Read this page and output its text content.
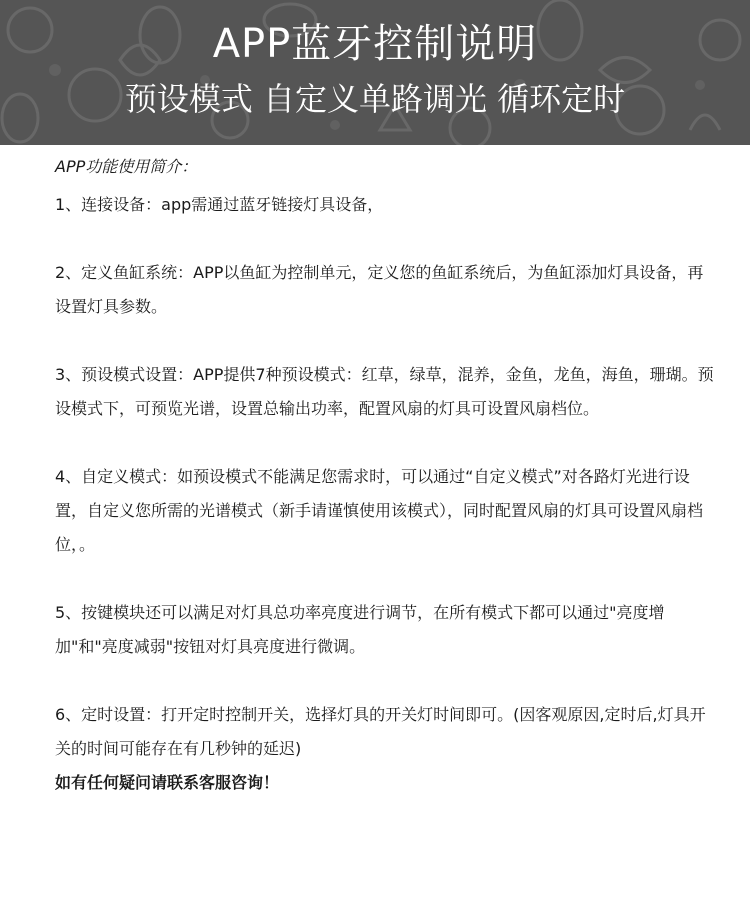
APP蓝牙控制说明
预设模式 自定义单路调光 循环定时

APP功能使用简介：

1、连接设备：app需通过蓝牙链接灯具设备，

2、定义鱼缸系统：APP以鱼缸为控制单元，定义您的鱼缸系统后，为鱼缸添加灯具设备，再设置灯具参数。

3、预设模式设置：APP提供7种预设模式：红草，绿草，混养，金鱼，龙鱼，海鱼，珊瑚。预设模式下，可预览光谱，设置总输出功率，配置风扇的灯具可设置风扇档位。

4、自定义模式：如预设模式不能满足您需求时，可以通过“自定义模式”对各路灯光进行设置，自定义您所需的光谱模式（新手请谨慎使用该模式），同时配置风扇的灯具可设置风扇档位，。

5、按键模块还可以满足对灯具总功率亮度进行调节，在所有模式下都可以通过"亮度增加"和"亮度减弱"按钮对灯具亮度进行微调。

6、定时设置：打开定时控制开关，选择灯具的开关灯时间即可。(因客观原因,定时后,灯具开关的时间可能存在有几秒钟的延迟)

如有任何疑问请联系客服咨询！
